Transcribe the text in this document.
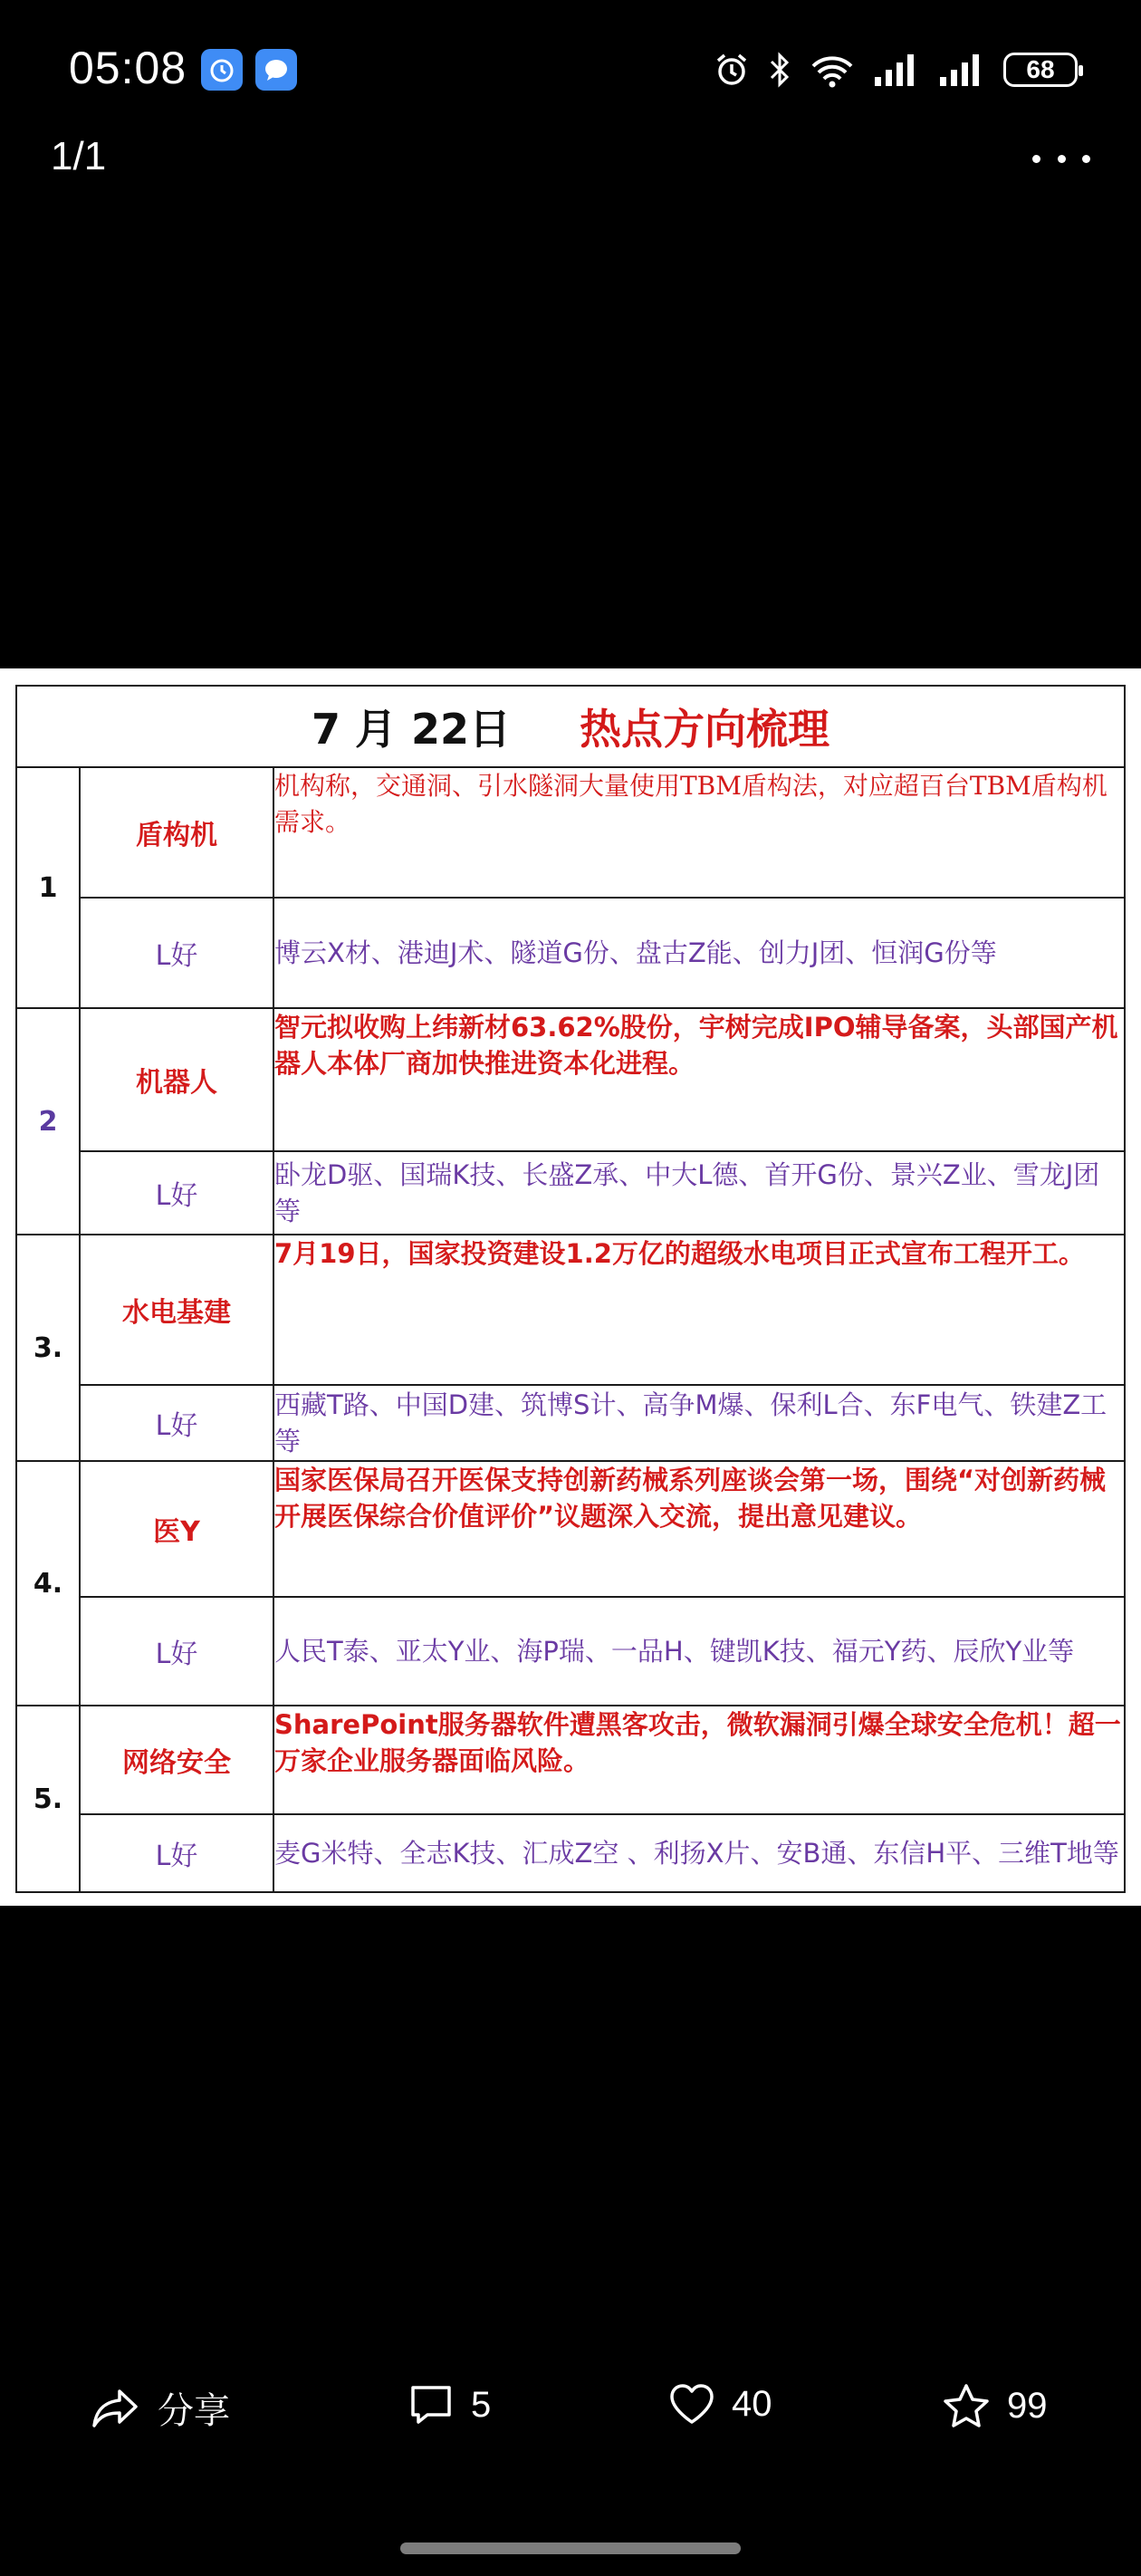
05:08	68
1/1
7 月 22日 热点方向梳理		
1	盾构机	机构称，交通洞、引水隧洞大量使用TBM盾构法，对应超百台TBM盾构机需求。
	L好	博云X材、港迪J术、隧道G份、盘古Z能、创力J团、恒润G份等
2	机器人	智元拟收购上纬新材63.62%股份，宇树完成IPO辅导备案，头部国产机器人本体厂商加快推进资本化进程。
	L好	卧龙D驱、国瑞K技、长盛Z承、中大L德、首开G份、景兴Z业、雪龙J团等
3.	水电基建	7月19日，国家投资建设1.2万亿的超级水电项目正式宣布工程开工。
	L好	西藏T路、中国D建、筑博S计、高争M爆、保利L合、东F电气、铁建Z工等
4.	医Y	国家医保局召开医保支持创新药械系列座谈会第一场，围绕“对创新药械开展医保综合价值评价”议题深入交流，提出意见建议。
	L好	人民T泰、亚太Y业、海P瑞、一品H、键凯K技、福元Y药、辰欣Y业等
5.	网络安全	SharePoint服务器软件遭黑客攻击，微软漏洞引爆全球安全危机！超一万家企业服务器面临风险。
	L好	麦G米特、全志K技、汇成Z空 、利扬X片、安B通、东信H平、三维T地等
分享	5	40	99
